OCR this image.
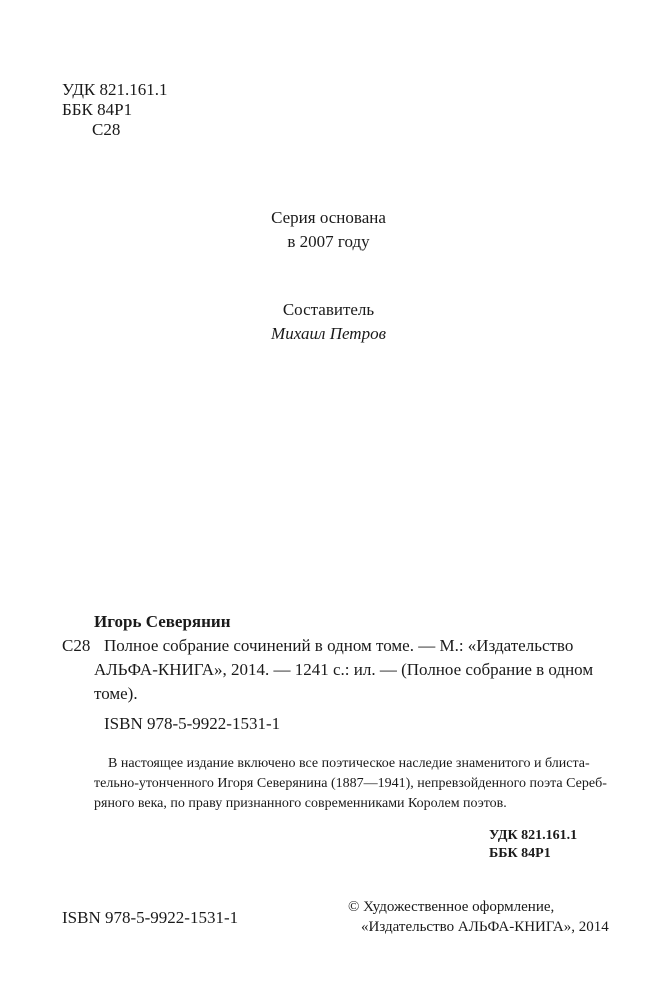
УДК 821.161.1
ББК 84Р1
С28
Серия основана
в 2007 году
Составитель
Михаил Петров
Игорь Северянин
С28 Полное собрание сочинений в одном томе. — М.: «Издательство
АЛЬФА-КНИГА», 2014. — 1241 с.: ил. — (Полное собрание в одном
томе).
ISBN 978-5-9922-1531-1
В настоящее издание включено все поэтическое наследие знаменитого и блиста-
тельно-утонченного Игоря Северянина (1887—1941), непревзойденного поэта Сереб-
ряного века, по праву признанного современниками Королем поэтов.
УДК 821.161.1
ББК 84Р1
ISBN 978-5-9922-1531-1
© Художественное оформление,
«Издательство АЛЬФА-КНИГА», 2014
